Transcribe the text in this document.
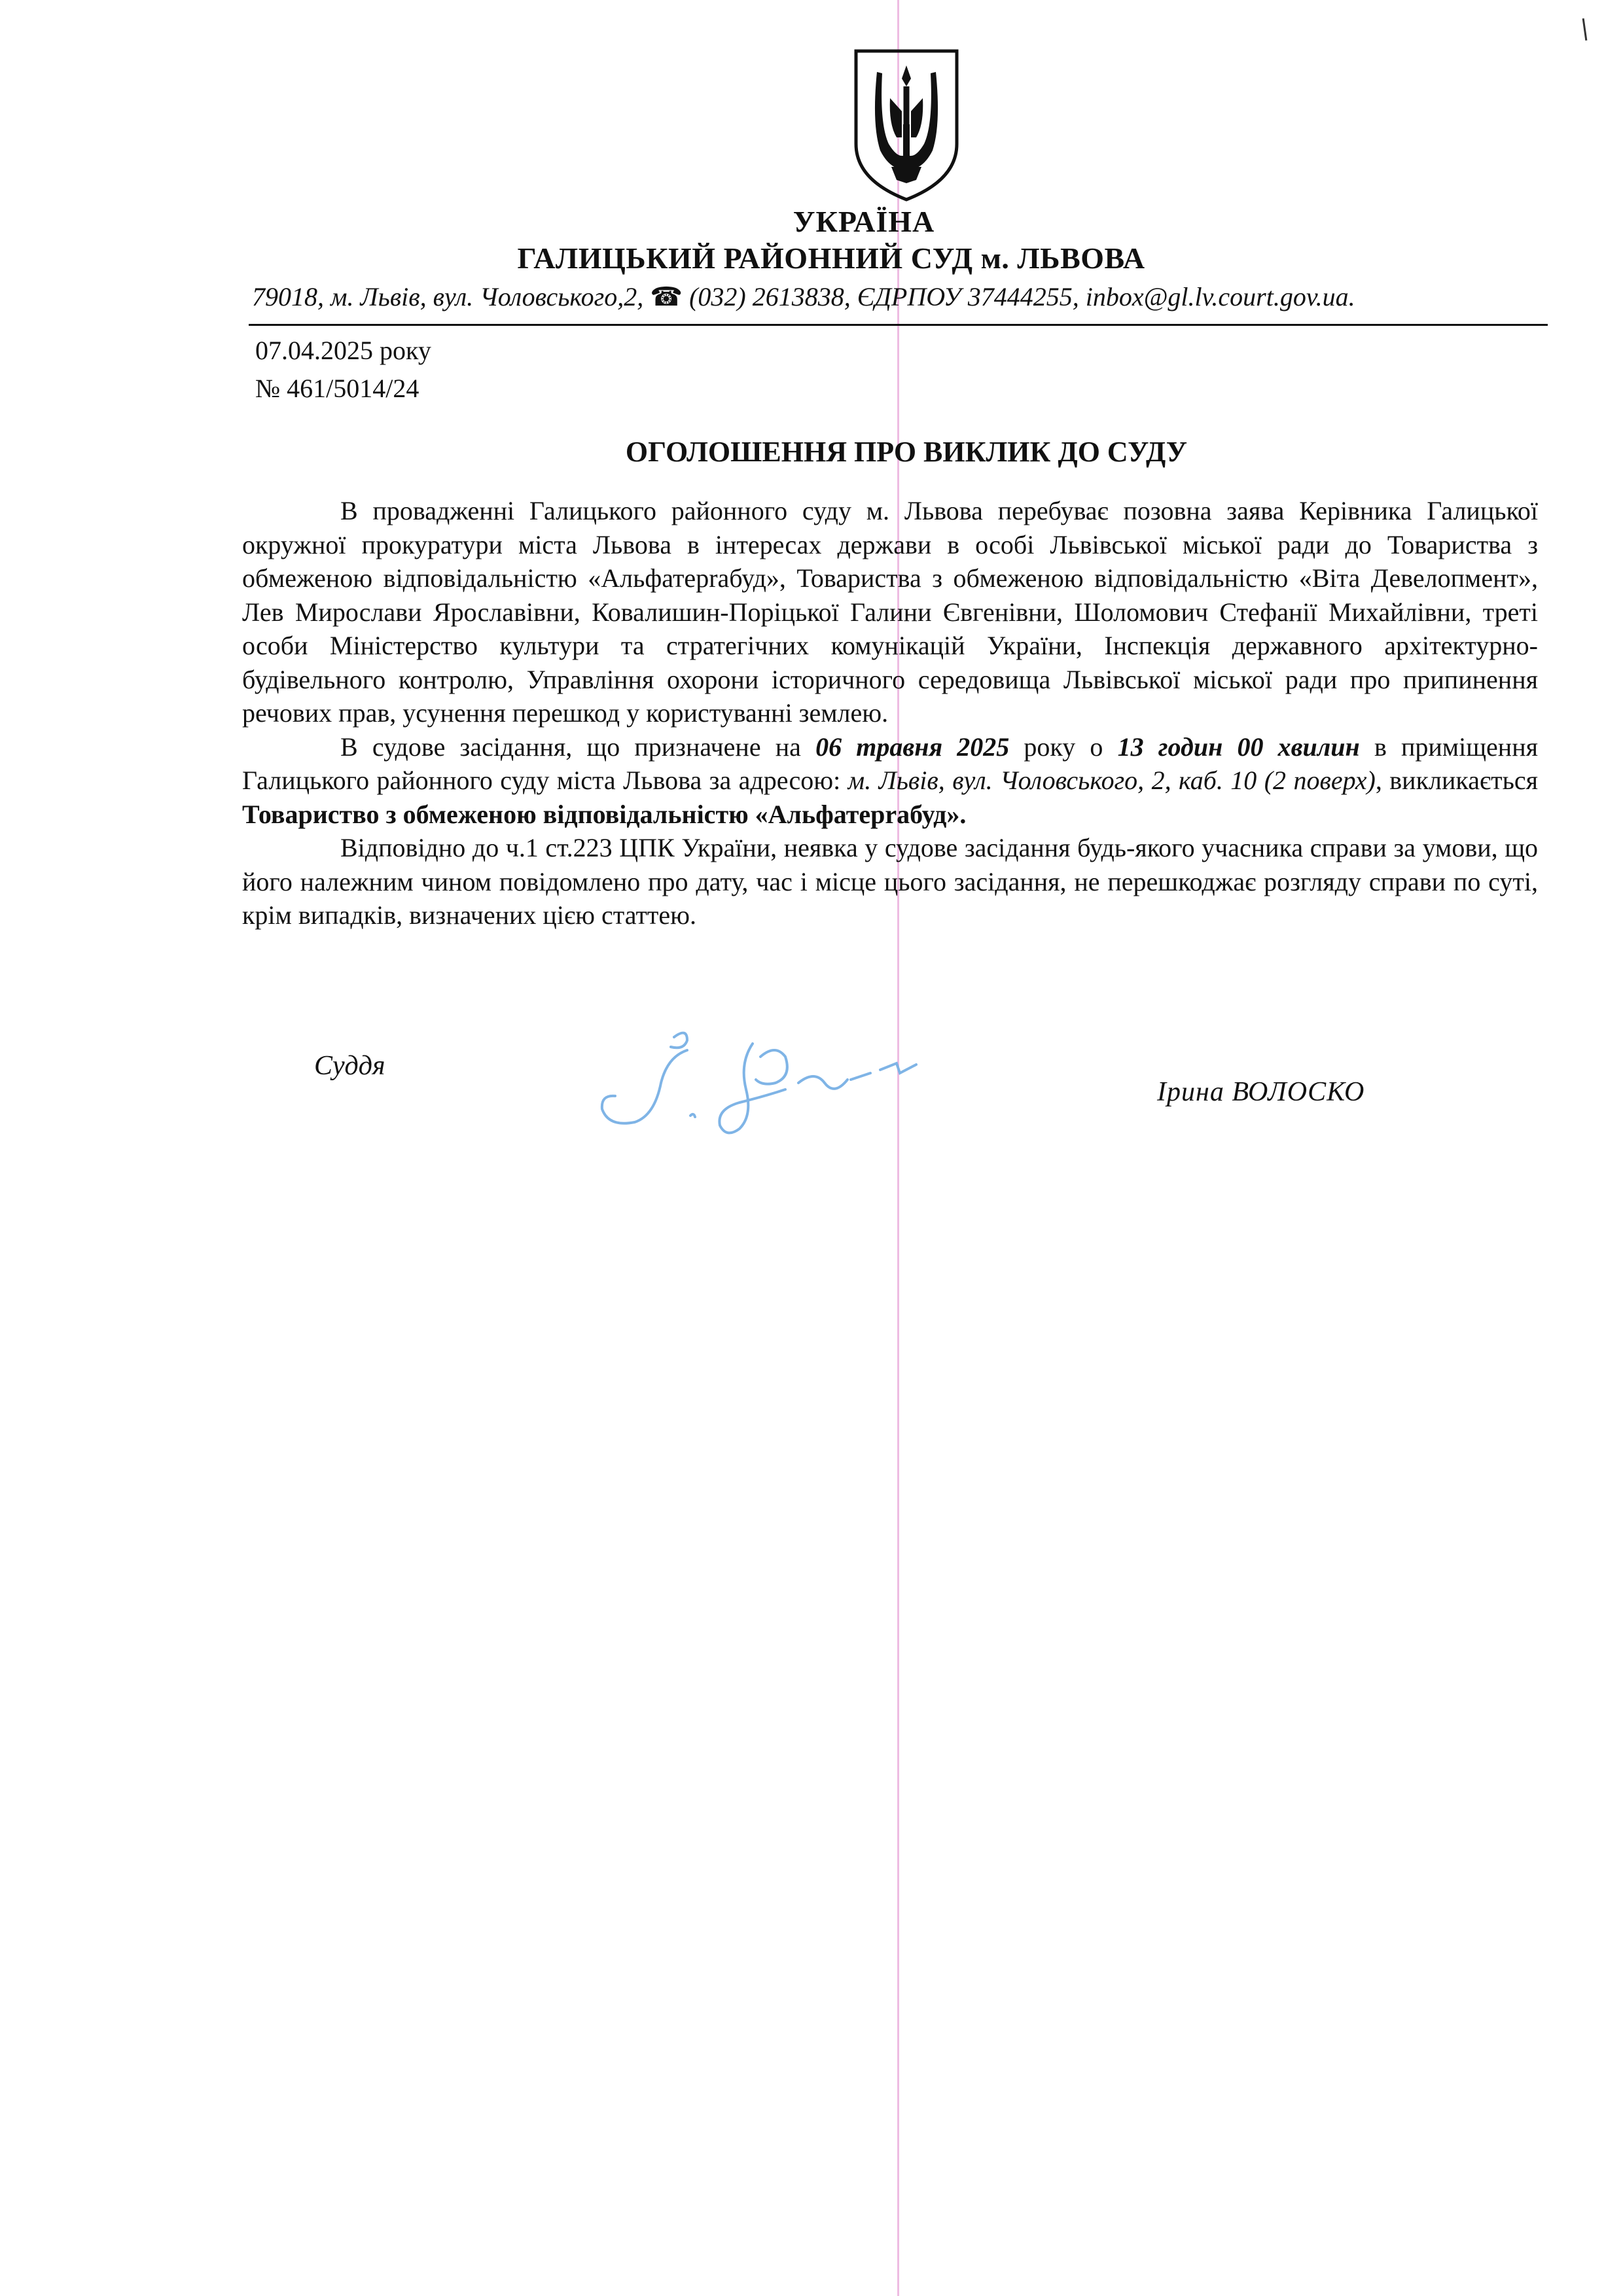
УКРАЇНА
ГАЛИЦЬКИЙ РАЙОННИЙ СУД м. ЛЬВОВА
79018, м. Львів, вул. Чоловського,2, ☎ (032) 2613838, ЄДРПОУ 37444255, inbox@gl.lv.court.gov.ua.
07.04.2025 року
№ 461/5014/24
ОГОЛОШЕННЯ ПРО ВИКЛИК ДО СУДУ

В провадженні Галицького районного суду м. Львова перебуває позовна заява Керівника Галицької окружної прокуратури міста Львова в інтересах держави в особі Львівської міської ради до Товариства з обмеженою відповідальністю «Альфатерrабуд», Товариства з обмеженою відповідальністю «Віта Девелопмент», Лев Мирослави Ярославівни, Ковалишин-Порiцької Галини Євгенівни, Шоломович Стефанії Михайлівни, треті особи Міністерство культури та стратегічних комунікацій України, Інспекція державного архітектурно-будівельного контролю, Управління охорони історичного середовища Львівської міської ради про припинення речових прав, усунення перешкод у користуванні землею.

В судове засідання, що призначене на 06 травня 2025 року о 13 годин 00 хвилин в приміщення Галицького районного суду міста Львова за адресою: м. Львів, вул. Чоловського, 2, каб. 10 (2 поверх), викликається Товариство з обмеженою відповідальністю «Альфатерrабуд».

Відповідно до ч.1 ст.223 ЦПК України, неявка у судове засідання будь-якого учасника справи за умови, що його належним чином повідомлено про дату, час і місце цього засідання, не перешкоджає розгляду справи по суті, крім випадків, визначених цією статтею.

Суддя
Ірина ВОЛОСКО
